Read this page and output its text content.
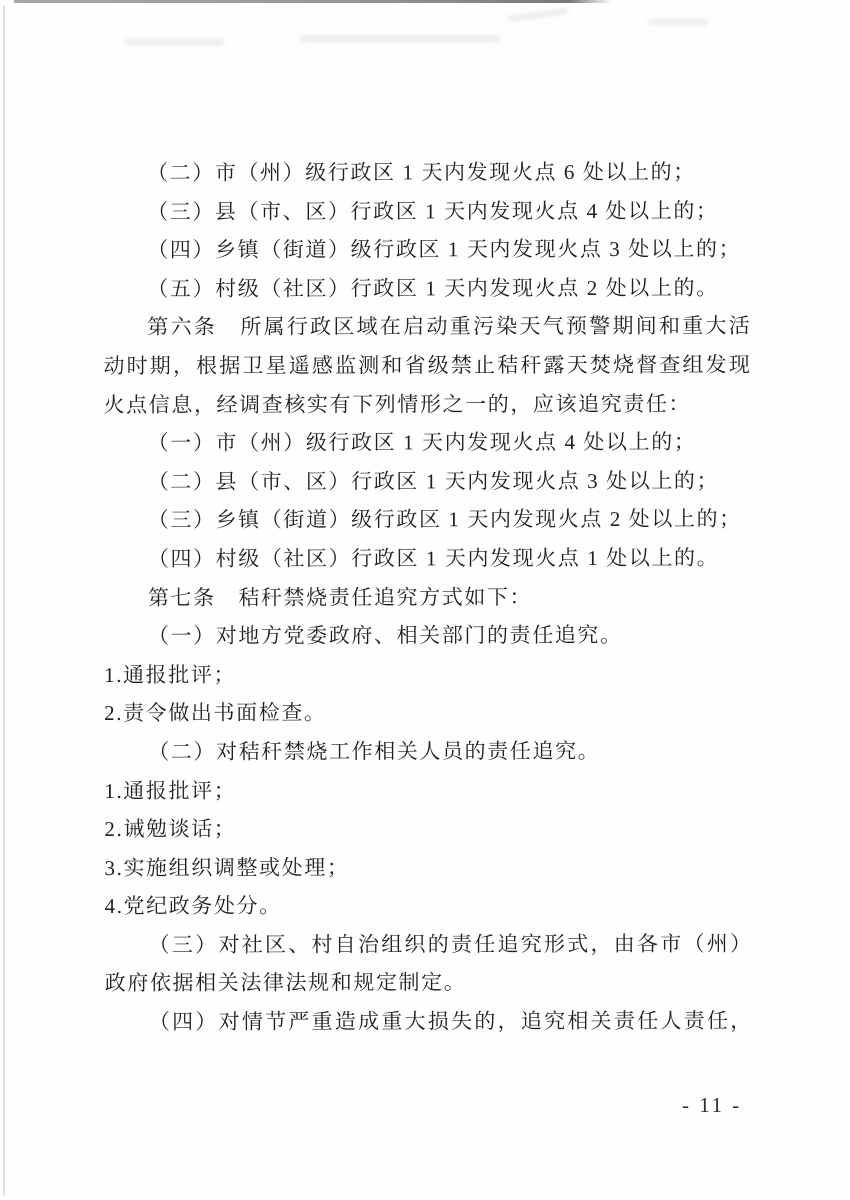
（二）市（州）级行政区 1 天内发现火点 6 处以上的；

（三）县（市、区）行政区 1 天内发现火点 4 处以上的；

（四）乡镇（街道）级行政区 1 天内发现火点 3 处以上的；

（五）村级（社区）行政区 1 天内发现火点 2 处以上的。

第六条　所属行政区域在启动重污染天气预警期间和重大活

动时期，根据卫星遥感监测和省级禁止秸秆露天焚烧督查组发现

火点信息，经调查核实有下列情形之一的，应该追究责任：

（一）市（州）级行政区 1 天内发现火点 4 处以上的；

（二）县（市、区）行政区 1 天内发现火点 3 处以上的；

（三）乡镇（街道）级行政区 1 天内发现火点 2 处以上的；

（四）村级（社区）行政区 1 天内发现火点 1 处以上的。

第七条　秸秆禁烧责任追究方式如下：

（一）对地方党委政府、相关部门的责任追究。

1.通报批评；

2.责令做出书面检查。

（二）对秸秆禁烧工作相关人员的责任追究。

1.通报批评；

2.诫勉谈话；

3.实施组织调整或处理；

4.党纪政务处分。

（三）对社区、村自治组织的责任追究形式，由各市（州）

政府依据相关法律法规和规定制定。

（四）对情节严重造成重大损失的，追究相关责任人责任，

- 11 -
